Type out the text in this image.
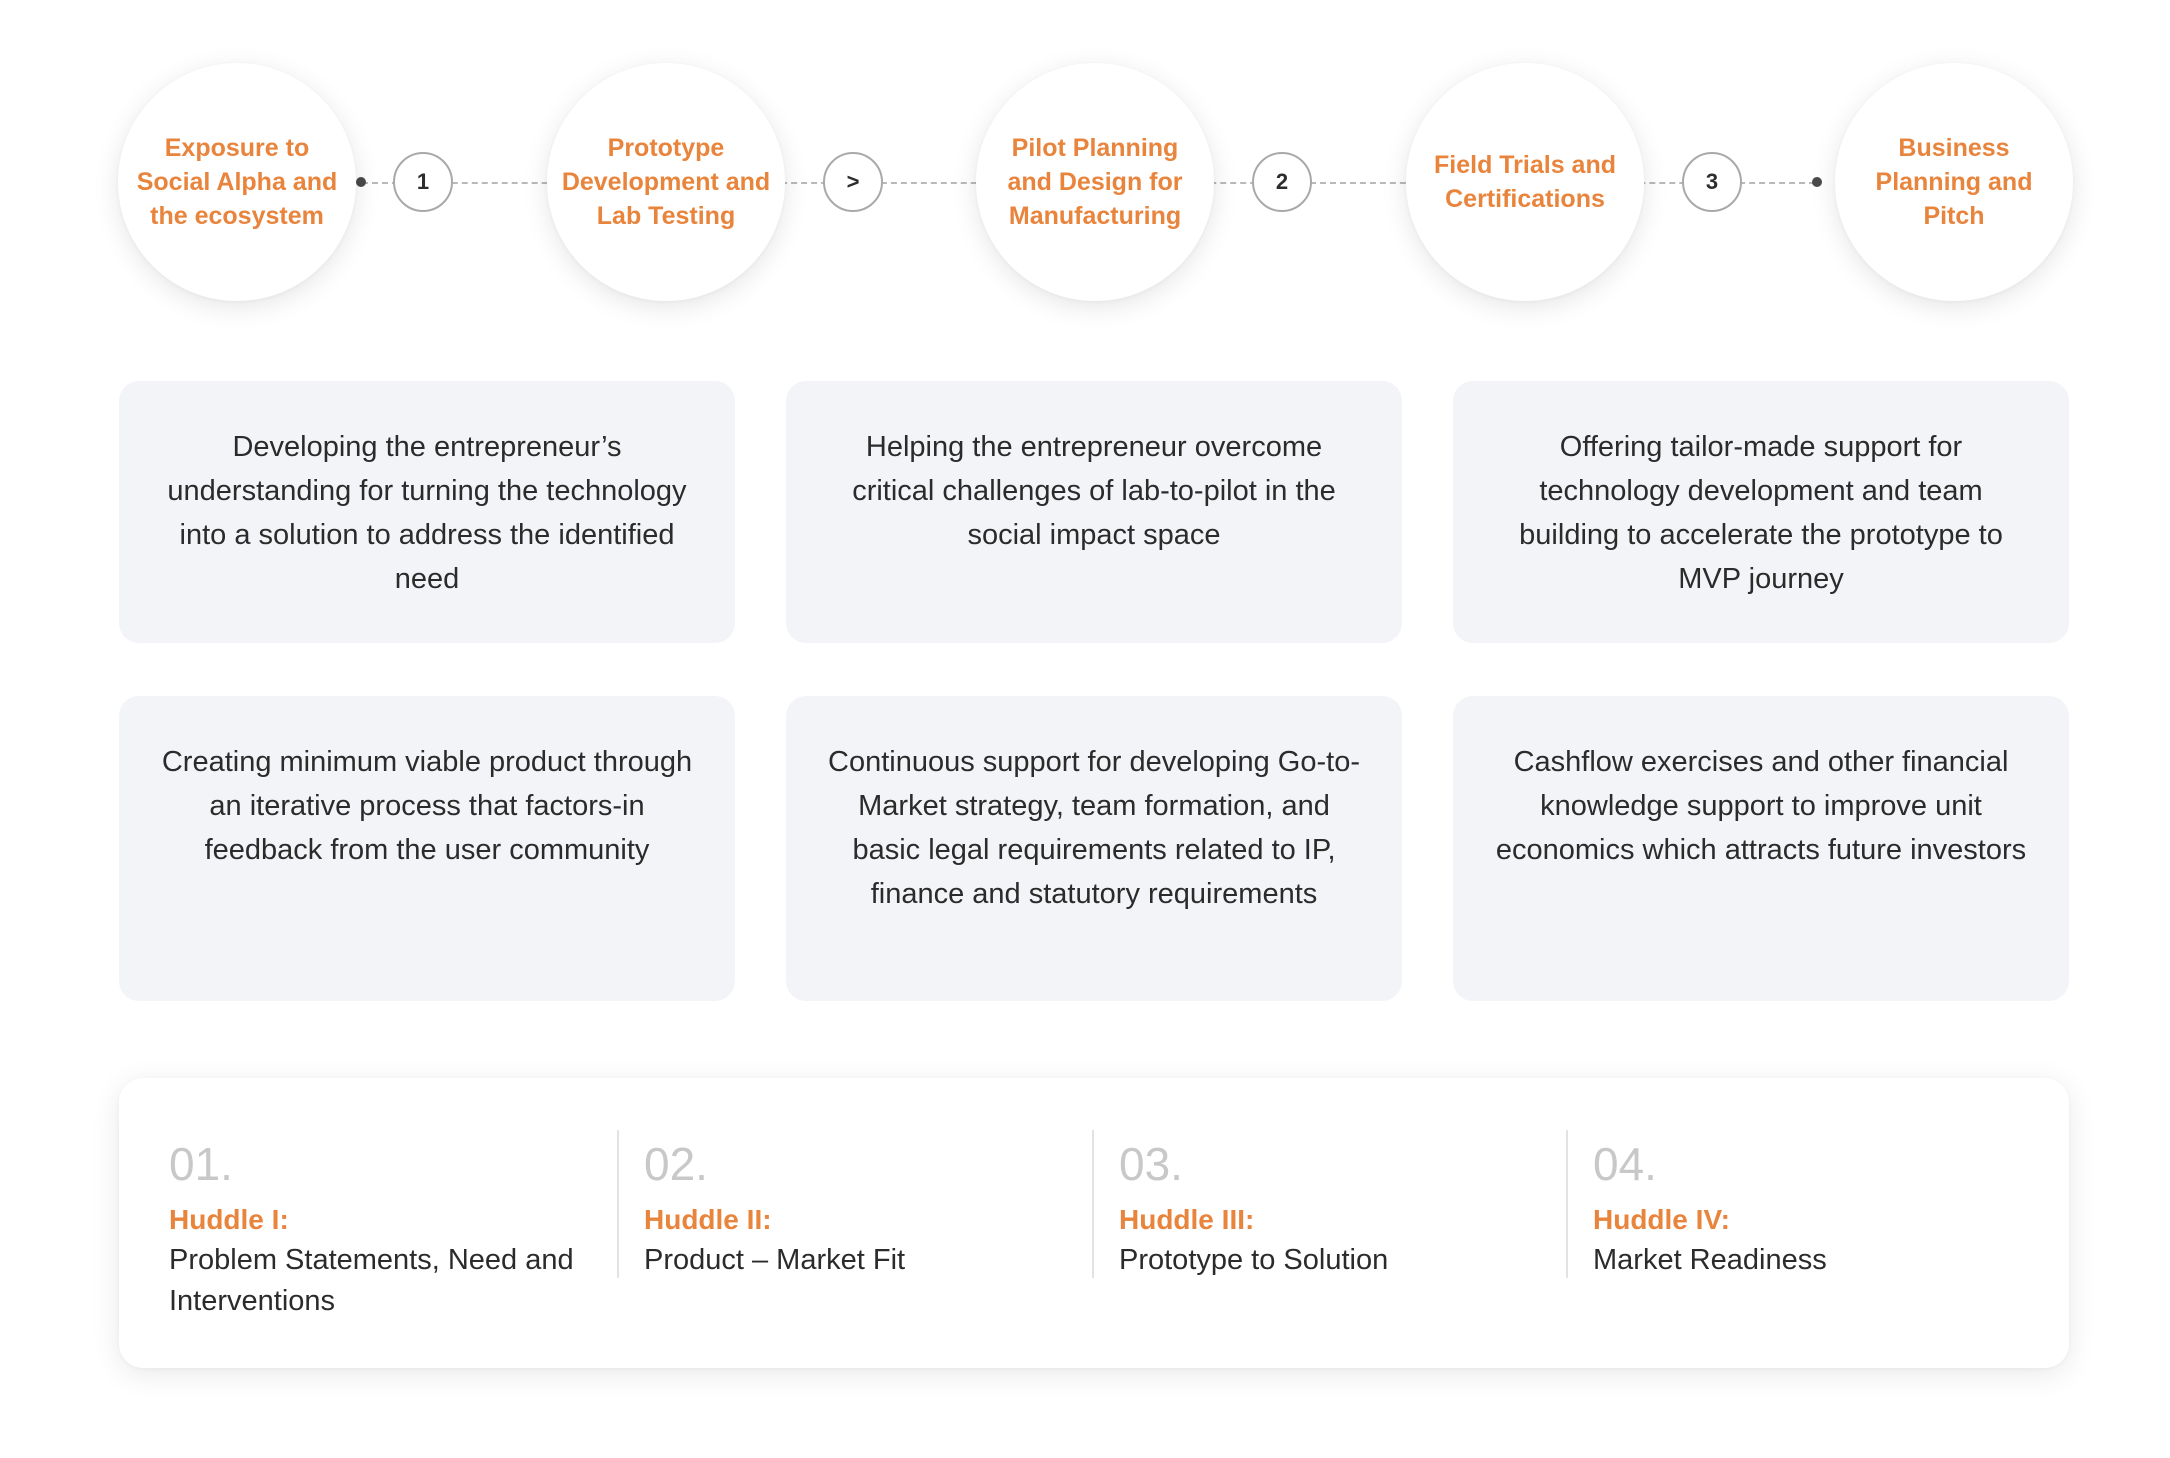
Exposure to Social Alpha and the ecosystem
1
Prototype Development and Lab Testing
>
Pilot Planning and Design for Manufacturing
2
Field Trials and Certifications
3
Business Planning and Pitch
Developing the entrepreneur’s understanding for turning the technology into a solution to address the identified need
Helping the entrepreneur overcome critical challenges of lab-to-pilot in the social impact space
Offering tailor-made support for technology development and team building to accelerate the prototype to MVP journey
Creating minimum viable product through an iterative process that factors-in feedback from the user community
Continuous support for developing Go-to-Market strategy, team formation, and basic legal requirements related to IP, finance and statutory requirements
Cashflow exercises and other financial knowledge support to improve unit economics which attracts future investors
01.
Huddle I:
Problem Statements, Need and Interventions
02.
Huddle II:
Product – Market Fit
03.
Huddle III:
Prototype to Solution
04.
Huddle IV:
Market Readiness
